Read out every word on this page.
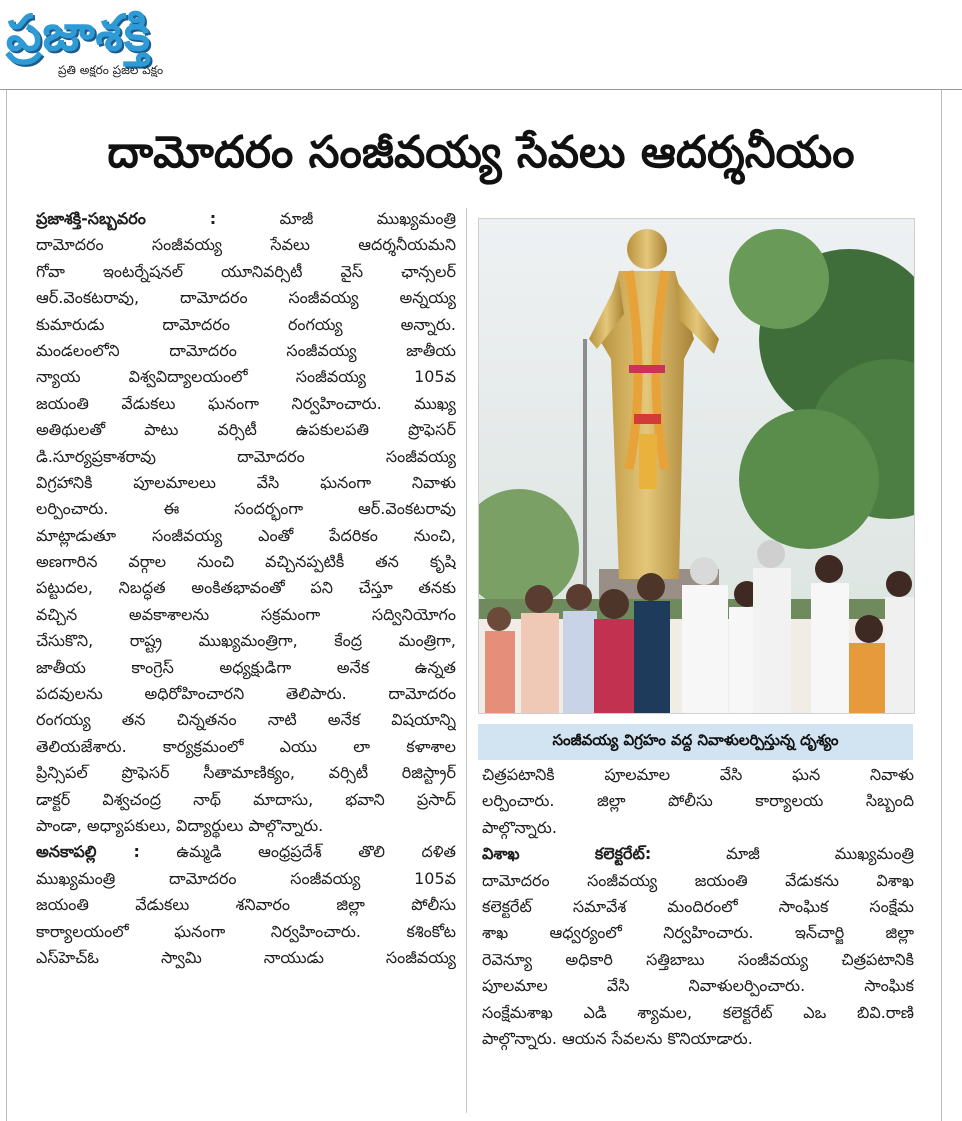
ప్రజాశక్తి
ప్రతి అక్షరం ప్రజల పక్షం
దామోదరం సంజీవయ్య సేవలు ఆదర్శనీయం
ప్రజాశక్తి-సబ్బవరం : మాజీ ముఖ్యమంత్రి
దామోదరం సంజీవయ్య సేవలు ఆదర్శనీయమని
గోవా ఇంటర్నేషనల్ యూనివర్సిటీ వైస్ ఛాన్సలర్
ఆర్.వెంకటరావు, దామోదరం సంజీవయ్య అన్నయ్య
కుమారుడు దామోదరం రంగయ్య అన్నారు.
మండలంలోని దామోదరం సంజీవయ్య జాతీయ
న్యాయ విశ్వవిద్యాలయంలో సంజీవయ్య 105వ
జయంతి వేడుకలు ఘనంగా నిర్వహించారు. ముఖ్య
అతిథులతో పాటు వర్సిటీ ఉపకులపతి ప్రొఫెసర్
డి.సూర్యప్రకాశరావు దామోదరం సంజీవయ్య
విగ్రహానికి పూలమాలలు వేసి ఘనంగా నివాళు
లర్పించారు. ఈ సందర్భంగా ఆర్.వెంకటరావు
మాట్లాడుతూ సంజీవయ్య ఎంతో పేదరికం నుంచి,
అణగారిన వర్గాల నుంచి వచ్చినప్పటికీ తన కృషి
పట్టుదల, నిబద్ధత అంకితభావంతో పని చేస్తూ తనకు
వచ్చిన అవకాశాలను సక్రమంగా సద్వినియోగం
చేసుకొని, రాష్ట్ర ముఖ్యమంత్రిగా, కేంద్ర మంత్రిగా,
జాతీయ కాంగ్రెస్ అధ్యక్షుడిగా అనేక ఉన్నత
పదవులను అధిరోహించారని తెలిపారు. దామోదరం
రంగయ్య తన చిన్నతనం నాటి అనేక విషయాన్ని
తెలియజేశారు. కార్యక్రమంలో ఎయు లా కళాశాల
ప్రిన్సిపల్ ప్రొఫెసర్ సీతామాణిక్యం, వర్సిటీ రిజిస్ట్రార్
డాక్టర్ విశ్వచంద్ర నాథ్ మాదాసు, భవాని ప్రసాద్
పాండా, అధ్యాపకులు, విద్యార్థులు పాల్గొన్నారు.
అనకాపల్లి : ఉమ్మడి ఆంధ్రప్రదేశ్ తొలి దళిత
ముఖ్యమంత్రి దామోదరం సంజీవయ్య 105వ
జయంతి వేడుకలు శనివారం జిల్లా పోలీసు
కార్యాలయంలో ఘనంగా నిర్వహించారు. కశింకోట
ఎస్‌హెచ్‌ఓ స్వామి నాయుడు సంజీవయ్య
సంజీవయ్య విగ్రహం వద్ద నివాళులర్పిస్తున్న దృశ్యం
చిత్రపటానికి పూలమాల వేసి ఘన నివాళు
లర్పించారు. జిల్లా పోలీసు కార్యాలయ సిబ్బంది
పాల్గొన్నారు.
విశాఖ కలెక్టరేట్: మాజీ ముఖ్యమంత్రి
దామోదరం సంజీవయ్య జయంతి వేడుకను విశాఖ
కలెక్టరేట్ సమావేశ మందిరంలో సాంఘిక సంక్షేమ
శాఖ ఆధ్వర్యంలో నిర్వహించారు. ఇన్‌చార్జి జిల్లా
రెవెన్యూ అధికారి సత్తిబాబు సంజీవయ్య చిత్రపటానికి
పూలమాల వేసి నివాళులర్పించారు. సాంఘిక
సంక్షేమశాఖ ఎడి శ్యామల, కలెక్టరేట్ ఎఒ బివి.రాణి
పాల్గొన్నారు. ఆయన సేవలను కొనియాడారు.
